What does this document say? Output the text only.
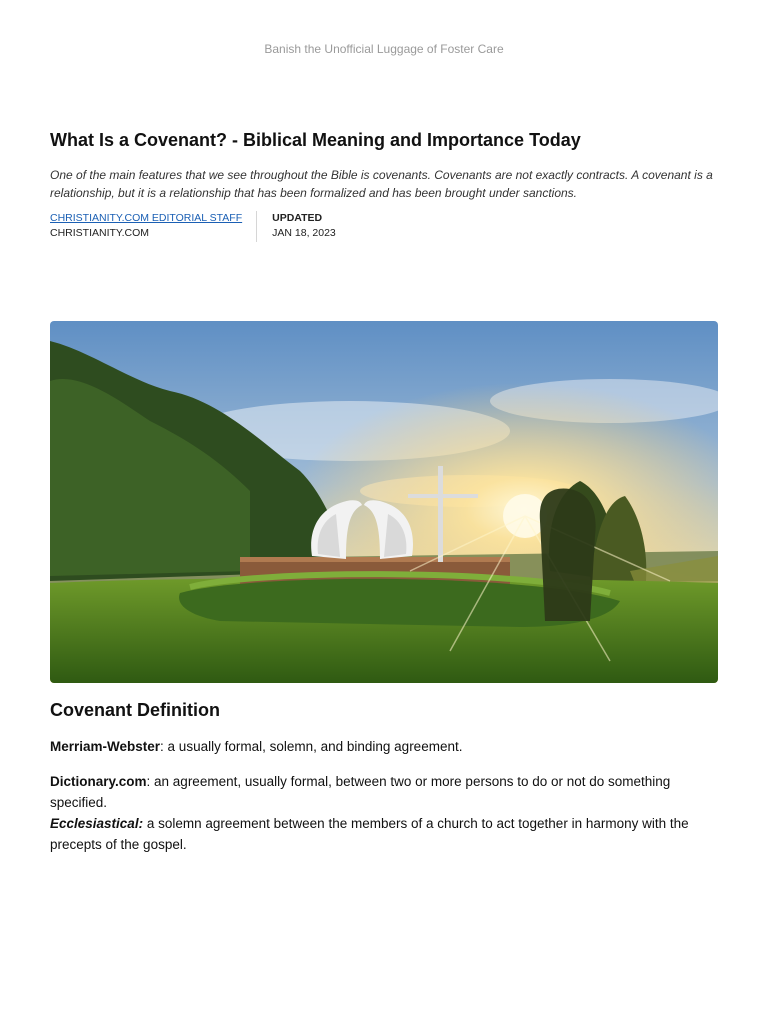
Banish the Unofficial Luggage of Foster Care
What Is a Covenant? - Biblical Meaning and Importance Today

One of the main features that we see throughout the Bible is covenants. Covenants are not exactly contracts. A covenant is a relationship, but it is a relationship that has been formalized and has been brought under sanctions.

CHRISTIANITY.COM EDITORIAL STAFF
CHRISTIANITY.COM
UPDATED
JAN 18, 2023
Covenant Definition

Merriam-Webster: a usually formal, solemn, and binding agreement.

Dictionary.com: an agreement, usually formal, between two or more persons to do or not do something specified.
Ecclesiastical: a solemn agreement between the members of a church to act together in harmony with the precepts of the gospel.
